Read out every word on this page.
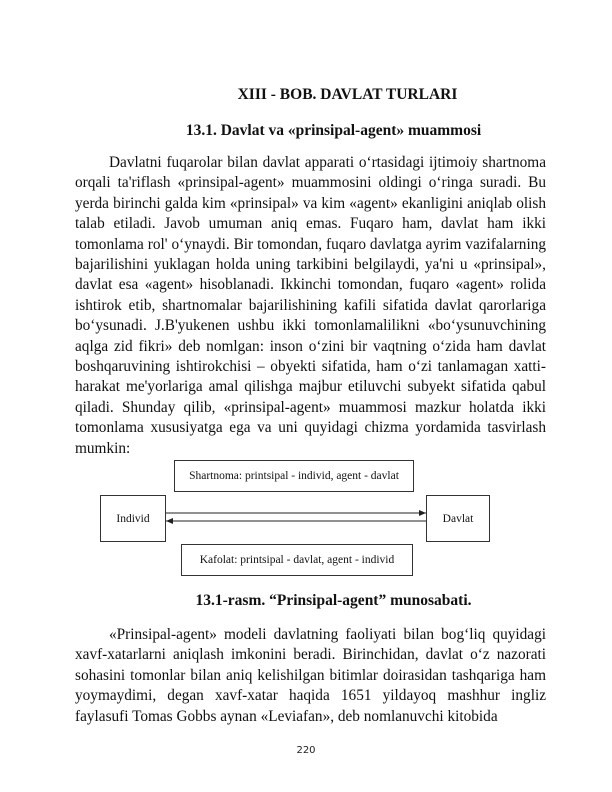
XIII - BOB. DAVLAT TURLARI
13.1. Davlat va «prinsipal-agent» muammosi

Davlatni fuqarolar bilan davlat apparati o‘rtasidagi ijtimoiy shartnoma orqali ta'riflash «prinsipal-agent» muammosini oldingi o‘ringa suradi. Bu yerda birinchi galda kim «prinsipal» va kim «agent» ekanligini aniqlab olish talab etiladi. Javob umuman aniq emas. Fuqaro ham, davlat ham ikki tomonlama rol' o‘ynaydi. Bir tomondan, fuqaro davlatga ayrim vazifalarning bajarilishini yuklagan holda uning tarkibini belgilaydi, ya'ni u «prinsipal», davlat esa «agent» hisoblanadi. Ikkinchi tomondan, fuqaro «agent» rolida ishtirok etib, shartnomalar bajarilishining kafili sifatida davlat qarorlariga bo‘ysunadi. J.B'yukenen ushbu ikki tomonlamalilikni «bo‘ysunuvchining aqlga zid fikri» deb nomlgan: inson o‘zini bir vaqtning o‘zida ham davlat boshqaruvining ishtirokchisi – obyekti sifatida, ham o‘zi tanlamagan xatti-harakat me'yorlariga amal qilishga majbur etiluvchi subyekt sifatida qabul qiladi. Shunday qilib, «prinsipal-agent» muammosi mazkur holatda ikki tomonlama xususiyatga ega va uni quyidagi chizma yordamida tasvirlash mumkin:

Shartnoma: printsipal - individ, agent - davlat
Individ	Davlat
Kafolat: printsipal - davlat, agent - individ
13.1-rasm. “Prinsipal-agent” munosabati.

«Prinsipal-agent» modeli davlatning faoliyati bilan bog‘liq quyidagi xavf-xatarlarni aniqlash imkonini beradi. Birinchidan, davlat o‘z nazorati sohasini tomonlar bilan aniq kelishilgan bitimlar doirasidan tashqariga ham yoymaydimi, degan xavf-xatar haqida 1651 yildayoq mashhur ingliz faylasufi Tomas Gobbs aynan «Leviafan», deb nomlanuvchi kitobida

220
